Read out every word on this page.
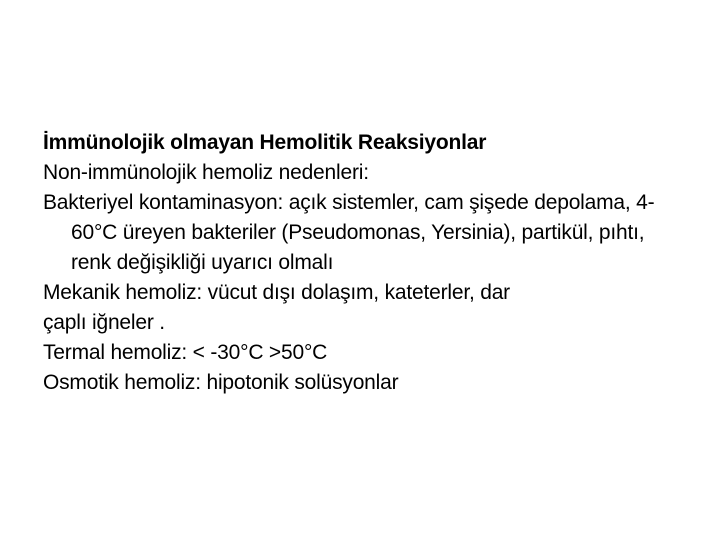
İmmünolojik olmayan Hemolitik Reaksiyonlar

Non-immünolojik hemoliz nedenleri:

Bakteriyel kontaminasyon: açık sistemler, cam şişede depolama, 4-60°C üreyen bakteriler (Pseudomonas, Yersinia), partikül, pıhtı, renk değişikliği uyarıcı olmalı

Mekanik hemoliz: vücut dışı dolaşım, kateterler, dar

çaplı iğneler .

Termal hemoliz: < -30°C >50°C

Osmotik hemoliz: hipotonik solüsyonlar
